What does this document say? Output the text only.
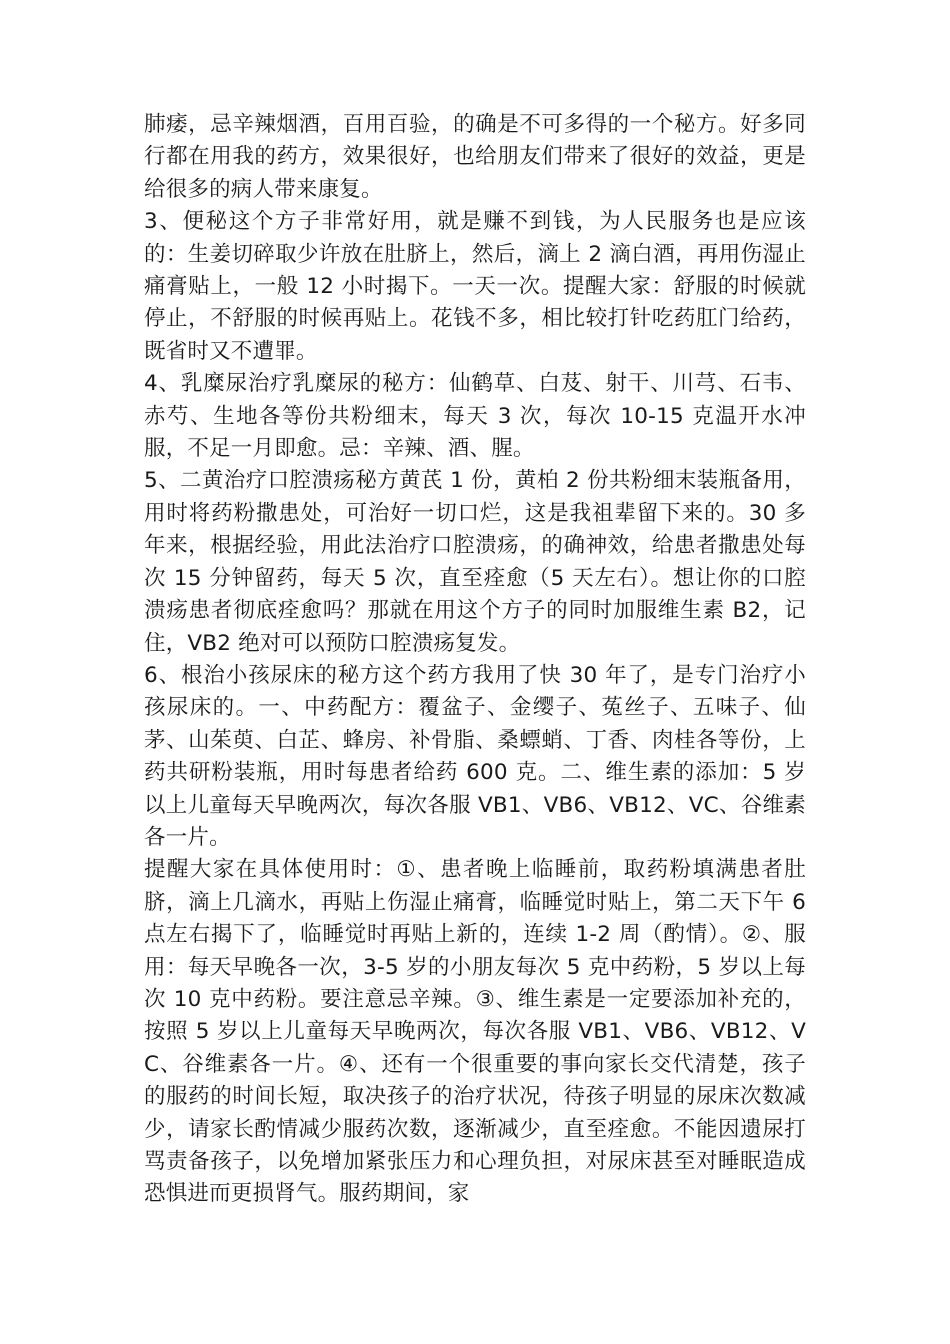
肺痿，忌辛辣烟酒，百用百验，的确是不可多得的一个秘方。好多同行都在用我的药方，效果很好，也给朋友们带来了很好的效益，更是给很多的病人带来康复。

3、便秘这个方子非常好用，就是赚不到钱，为人民服务也是应该的：生姜切碎取少许放在肚脐上，然后，滴上 2 滴白酒，再用伤湿止痛膏贴上，一般 12 小时揭下。一天一次。提醒大家：舒服的时候就停止，不舒服的时候再贴上。花钱不多，相比较打针吃药肛门给药，既省时又不遭罪。

4、乳糜尿治疗乳糜尿的秘方：仙鹤草、白芨、射干、川芎、石韦、赤芍、生地各等份共粉细末，每天 3 次，每次 10-15 克温开水冲服，不足一月即愈。忌：辛辣、酒、腥。

5、二黄治疗口腔溃疡秘方黄芪 1 份，黄柏 2 份共粉细末装瓶备用，用时将药粉撒患处，可治好一切口烂，这是我祖辈留下来的。30 多年来，根据经验，用此法治疗口腔溃疡，的确神效，给患者撒患处每次 15 分钟留药，每天 5 次，直至痊愈（5 天左右）。想让你的口腔溃疡患者彻底痊愈吗？那就在用这个方子的同时加服维生素 B2，记住，VB2 绝对可以预防口腔溃疡复发。

6、根治小孩尿床的秘方这个药方我用了快 30 年了，是专门治疗小孩尿床的。一、中药配方：覆盆子、金缨子、菟丝子、五味子、仙茅、山茱萸、白芷、蜂房、补骨脂、桑螵蛸、丁香、肉桂各等份，上药共研粉装瓶，用时每患者给药 600 克。二、维生素的添加：5 岁以上儿童每天早晚两次，每次各服 VB1、VB6、VB12、VC、谷维素各一片。

提醒大家在具体使用时：①、患者晚上临睡前，取药粉填满患者肚脐，滴上几滴水，再贴上伤湿止痛膏，临睡觉时贴上，第二天下午 6 点左右揭下了，临睡觉时再贴上新的，连续 1-2 周（酌情）。②、服用：每天早晚各一次，3-5 岁的小朋友每次 5 克中药粉，5 岁以上每次 10 克中药粉。要注意忌辛辣。③、维生素是一定要添加补充的，按照 5 岁以上儿童每天早晚两次，每次各服 VB1、VB6、VB12、VC、谷维素各一片。④、还有一个很重要的事向家长交代清楚，孩子的服药的时间长短，取决孩子的治疗状况，待孩子明显的尿床次数减少，请家长酌情减少服药次数，逐渐减少，直至痊愈。不能因遗尿打骂责备孩子，以免增加紧张压力和心理负担，对尿床甚至对睡眠造成恐惧进而更损肾气。服药期间，家
